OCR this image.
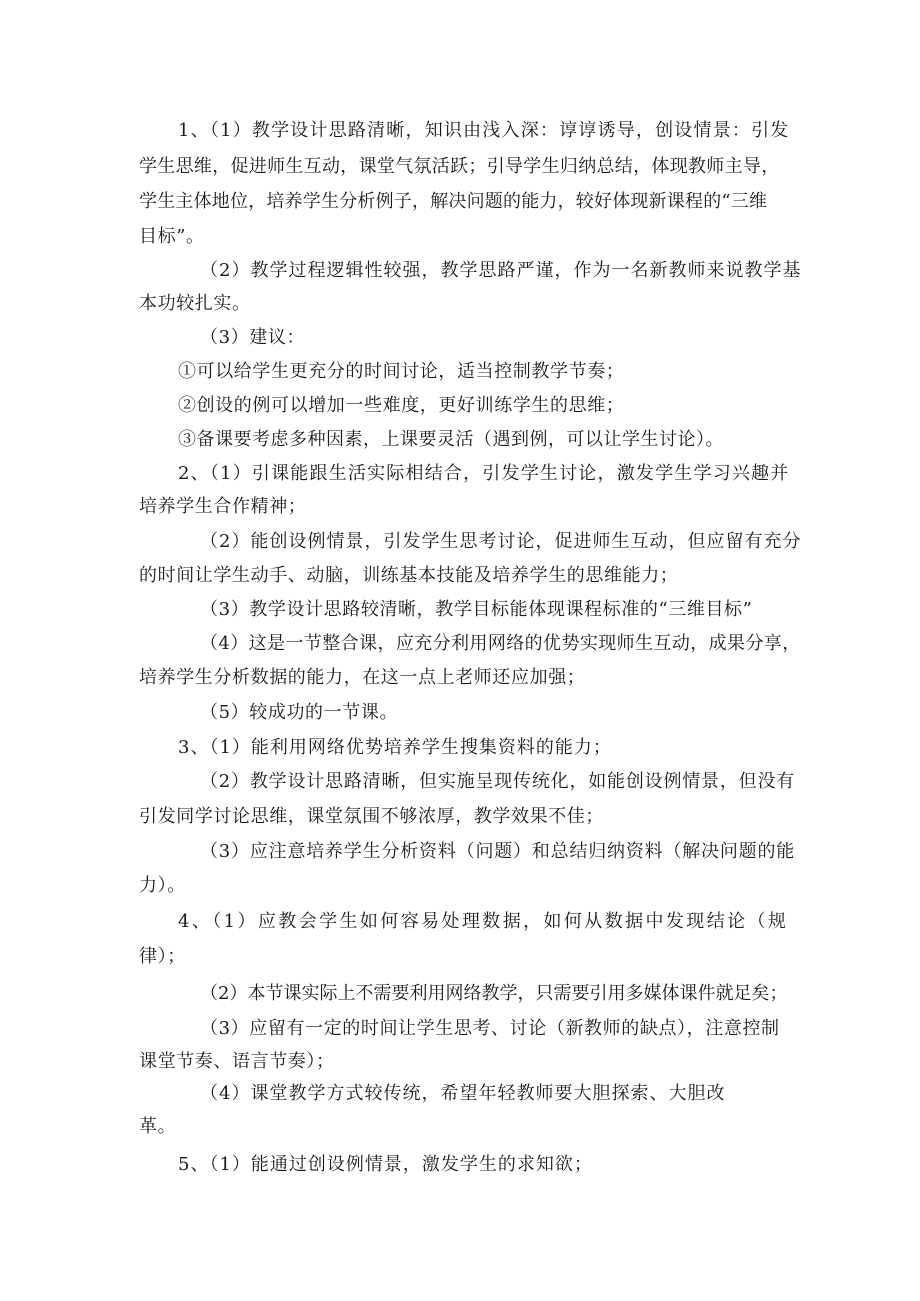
1、（1）教学设计思路清晰，知识由浅入深：谆谆诱导，创设情景：引发
学生思维，促进师生互动，课堂气氛活跃；引导学生归纳总结，体现教师主导，
学生主体地位，培养学生分析例子，解决问题的能力，较好体现新课程的“三维
目标”。
（2）教学过程逻辑性较强，教学思路严谨，作为一名新教师来说教学基
本功较扎实。
（3）建议：
①可以给学生更充分的时间讨论，适当控制教学节奏；
②创设的例可以增加一些难度，更好训练学生的思维；
③备课要考虑多种因素，上课要灵活（遇到例，可以让学生讨论）。
2、（1）引课能跟生活实际相结合，引发学生讨论，激发学生学习兴趣并
培养学生合作精神；
（2）能创设例情景，引发学生思考讨论，促进师生互动，但应留有充分
的时间让学生动手、动脑，训练基本技能及培养学生的思维能力；
（3）教学设计思路较清晰，教学目标能体现课程标准的“三维目标”
（4）这是一节整合课，应充分利用网络的优势实现师生互动，成果分享，
培养学生分析数据的能力，在这一点上老师还应加强；
（5）较成功的一节课。
3、（1）能利用网络优势培养学生搜集资料的能力；
（2）教学设计思路清晰，但实施呈现传统化，如能创设例情景，但没有
引发同学讨论思维，课堂氛围不够浓厚，教学效果不佳；
（3）应注意培养学生分析资料（问题）和总结归纳资料（解决问题的能
力）。
4、（1）应教会学生如何容易处理数据，如何从数据中发现结论（规
律）；
（2）本节课实际上不需要利用网络教学，只需要引用多媒体课件就足矣；
（3）应留有一定的时间让学生思考、讨论（新教师的缺点），注意控制
课堂节奏、语言节奏）；
（4）课堂教学方式较传统，希望年轻教师要大胆探索、大胆改
革。
5、（1）能通过创设例情景，激发学生的求知欲；
